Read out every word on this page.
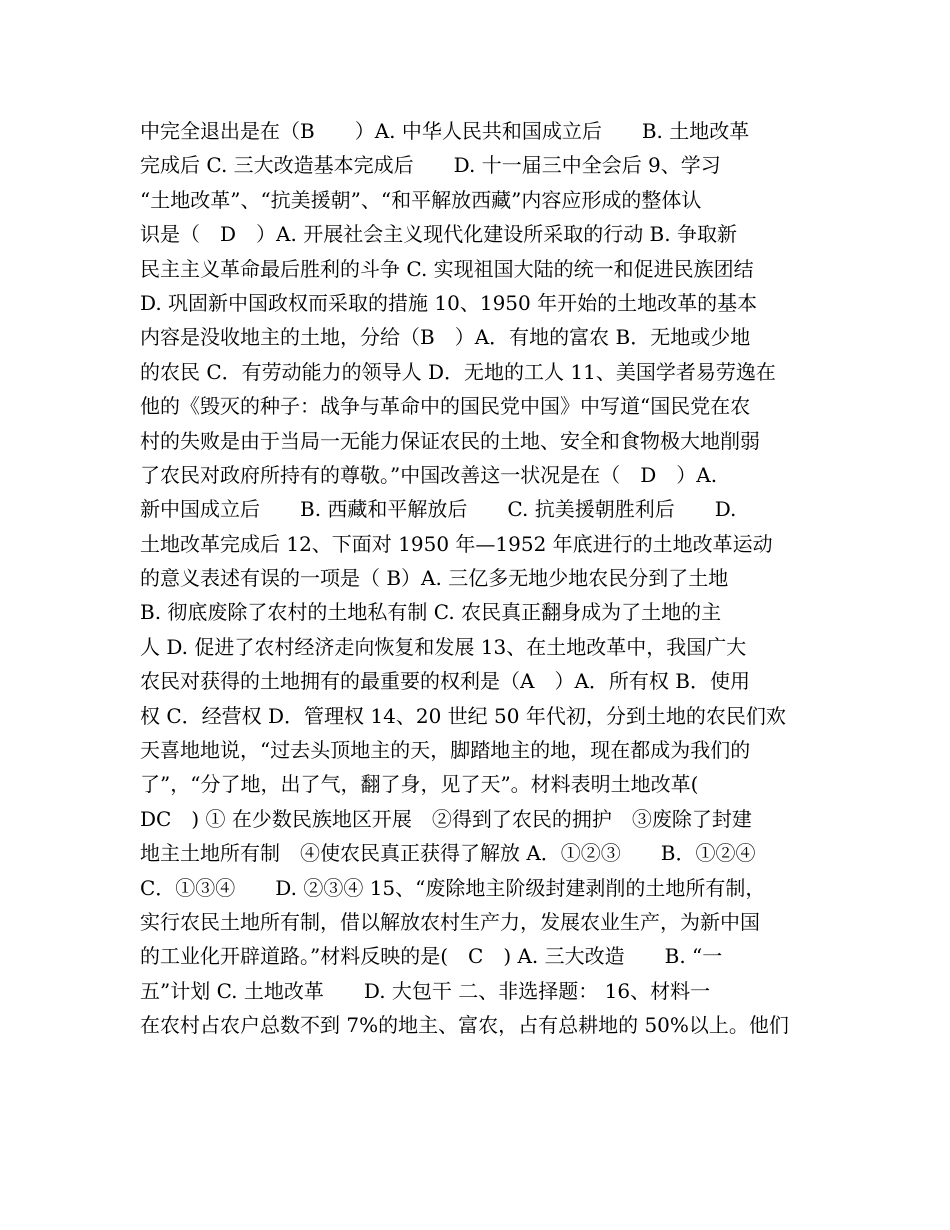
中完全退出是在（B　　）A. 中华人民共和国成立后　　B. 土地改革
完成后 C. 三大改造基本完成后　　D. 十一届三中全会后 9、学习
“土地改革”、“抗美援朝”、“和平解放西藏”内容应形成的整体认
识是（　D　）A. 开展社会主义现代化建设所采取的行动 B. 争取新
民主主义革命最后胜利的斗争 C. 实现祖国大陆的统一和促进民族团结
D. 巩固新中国政权而采取的措施 10、1950 年开始的土地改革的基本
内容是没收地主的土地，分给（B　）A．有地的富农 B．无地或少地
的农民 C．有劳动能力的领导人 D．无地的工人 11、美国学者易劳逸在
他的《毁灭的种子：战争与革命中的国民党中国》中写道“国民党在农
村的失败是由于当局一无能力保证农民的土地、安全和食物极大地削弱
了农民对政府所持有的尊敬。”中国改善这一状况是在（　D　）A.
新中国成立后　　B. 西藏和平解放后　　C. 抗美援朝胜利后　　D.
土地改革完成后 12、下面对 1950 年—1952 年底进行的土地改革运动
的意义表述有误的一项是（ B）A. 三亿多无地少地农民分到了土地
B. 彻底废除了农村的土地私有制 C. 农民真正翻身成为了土地的主
人 D. 促进了农村经济走向恢复和发展 13、在土地改革中，我国广大
农民对获得的土地拥有的最重要的权利是（A　）A．所有权 B．使用
权 C．经营权 D．管理权 14、20 世纪 50 年代初，分到土地的农民们欢
天喜地地说，“过去头顶地主的天，脚踏地主的地，现在都成为我们的
了”，“分了地，出了气，翻了身，见了天”。材料表明土地改革(
DC　) ① 在少数民族地区开展　②得到了农民的拥护　③废除了封建
地主土地所有制　④使农民真正获得了解放 A．①②③　　B．①②④
C．①③④　　D. ②③④ 15、“废除地主阶级封建剥削的土地所有制，
实行农民土地所有制，借以解放农村生产力，发展农业生产，为新中国
的工业化开辟道路。”材料反映的是(　C　) A. 三大改造　　B. “一
五”计划 C. 土地改革　　D. 大包干 二、非选择题： 16、材料一
在农村占农户总数不到 7%的地主、富农，占有总耕地的 50%以上。他们
